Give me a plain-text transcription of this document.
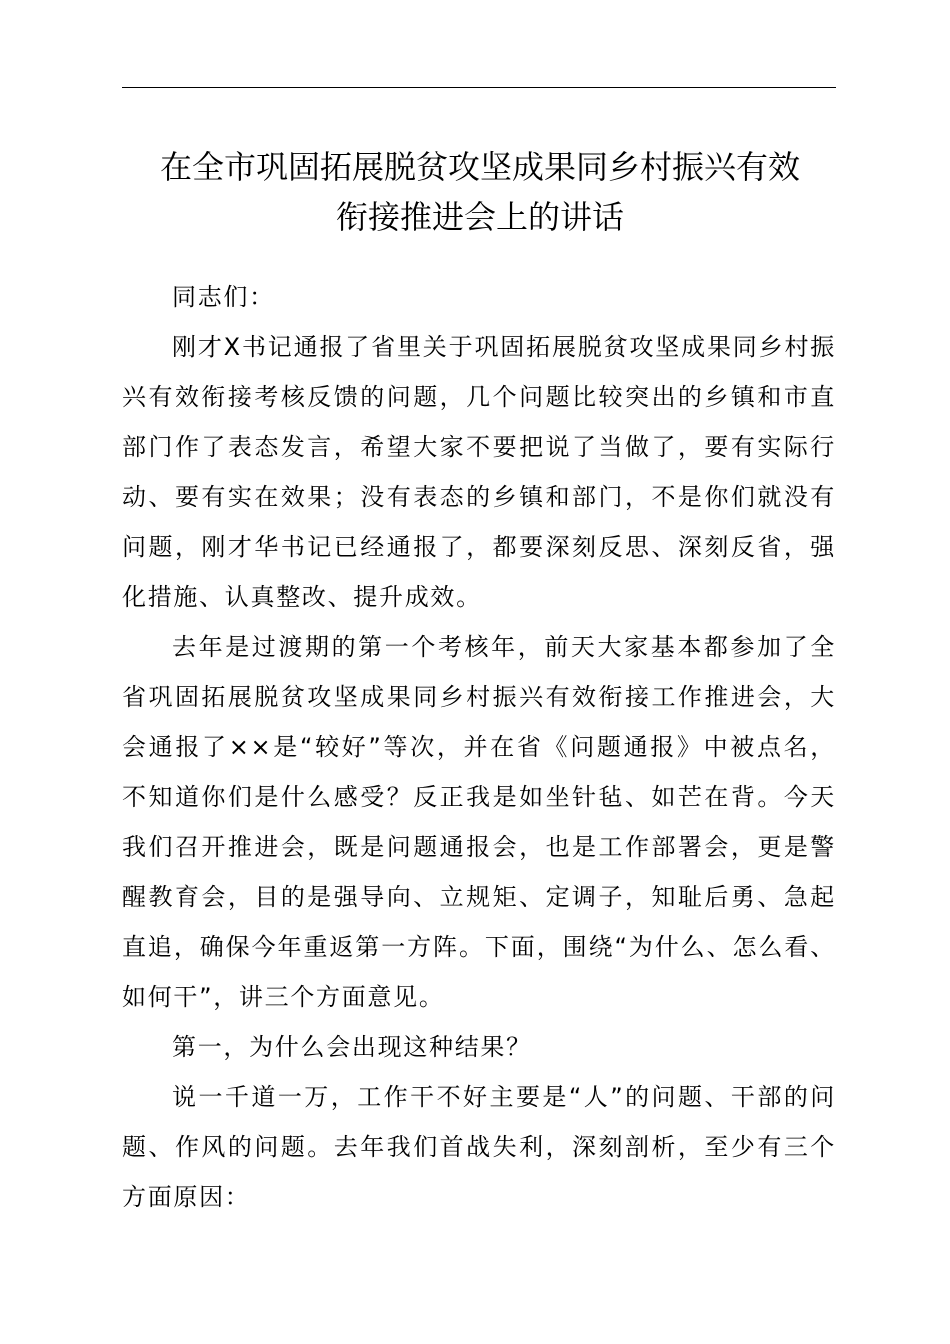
在全市巩固拓展脱贫攻坚成果同乡村振兴有效
衔接推进会上的讲话

同志们：

刚才X书记通报了省里关于巩固拓展脱贫攻坚成果同乡村振兴有效衔接考核反馈的问题，几个问题比较突出的乡镇和市直部门作了表态发言，希望大家不要把说了当做了，要有实际行动、要有实在效果；没有表态的乡镇和部门，不是你们就没有问题，刚才华书记已经通报了，都要深刻反思、深刻反省，强化措施、认真整改、提升成效。

去年是过渡期的第一个考核年，前天大家基本都参加了全省巩固拓展脱贫攻坚成果同乡村振兴有效衔接工作推进会，大会通报了××是“较好”等次，并在省《问题通报》中被点名，不知道你们是什么感受？反正我是如坐针毡、如芒在背。今天我们召开推进会，既是问题通报会，也是工作部署会，更是警醒教育会，目的是强导向、立规矩、定调子，知耻后勇、急起直追，确保今年重返第一方阵。下面，围绕“为什么、怎么看、如何干”，讲三个方面意见。

第一，为什么会出现这种结果？

说一千道一万，工作干不好主要是“人”的问题、干部的问题、作风的问题。去年我们首战失利，深刻剖析，至少有三个方面原因：
